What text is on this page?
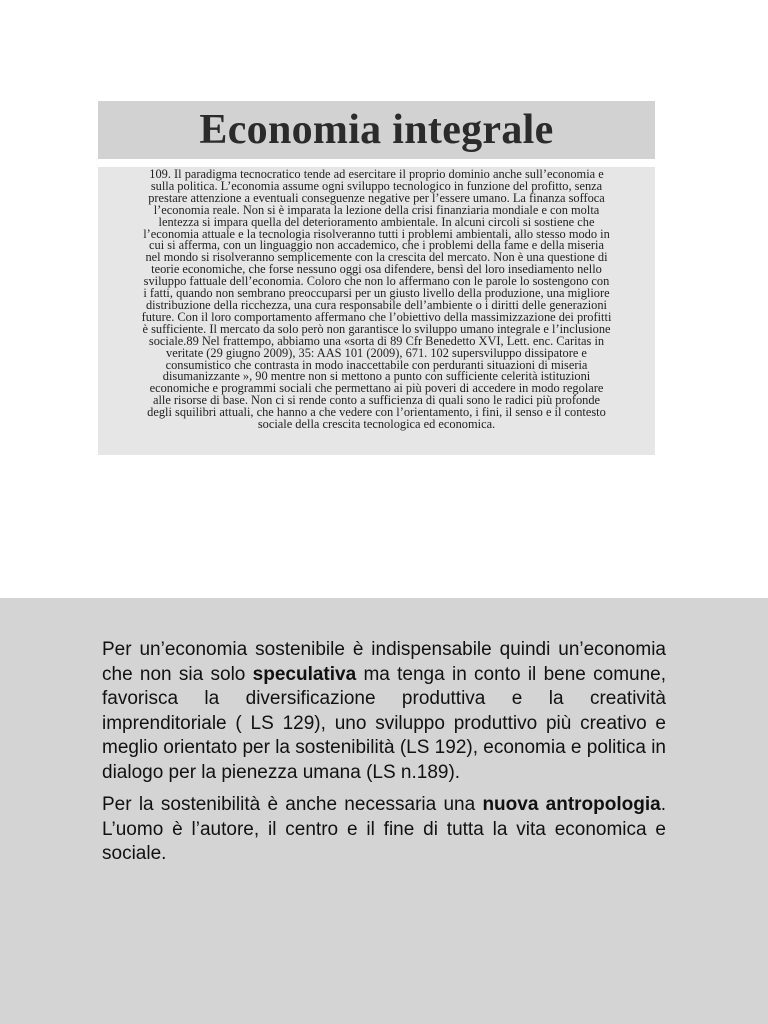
Economia integrale

109. Il paradigma tecnocratico tende ad esercitare il proprio dominio anche sull’economia e
sulla politica. L’economia assume ogni sviluppo tecnologico in funzione del profitto, senza
prestare attenzione a eventuali conseguenze negative per l’essere umano. La finanza soffoca
l’economia reale. Non si è imparata la lezione della crisi finanziaria mondiale e con molta
lentezza si impara quella del deterioramento ambientale. In alcuni circoli si sostiene che
l’economia attuale e la tecnologia risolveranno tutti i problemi ambientali, allo stesso modo in
cui si afferma, con un linguaggio non accademico, che i problemi della fame e della miseria
nel mondo si risolveranno semplicemente con la crescita del mercato. Non è una questione di
teorie economiche, che forse nessuno oggi osa difendere, bensì del loro insediamento nello
sviluppo fattuale dell’economia. Coloro che non lo affermano con le parole lo sostengono con
i fatti, quando non sembrano preoccuparsi per un giusto livello della produzione, una migliore
distribuzione della ricchezza, una cura responsabile dell’ambiente o i diritti delle generazioni
future. Con il loro comportamento affermano che l’obiettivo della massimizzazione dei profitti
è sufficiente. Il mercato da solo però non garantisce lo sviluppo umano integrale e l’inclusione
sociale.89 Nel frattempo, abbiamo una «sorta di 89 Cfr Benedetto XVI, Lett. enc. Caritas in
veritate (29 giugno 2009), 35: AAS 101 (2009), 671. 102 supersviluppo dissipatore e
consumistico che contrasta in modo inaccettabile con perduranti situazioni di miseria
disumanizzante », 90 mentre non si mettono a punto con sufficiente celerità istituzioni
economiche e programmi sociali che permettano ai più poveri di accedere in modo regolare
alle risorse di base. Non ci si rende conto a sufficienza di quali sono le radici più profonde
degli squilibri attuali, che hanno a che vedere con l’orientamento, i fini, il senso e il contesto
sociale della crescita tecnologica ed economica.

Per un’economia sostenibile è indispensabile quindi un’economia che non sia solo speculativa ma tenga in conto il bene comune, favorisca la diversificazione produttiva e la creatività imprenditoriale ( LS 129), uno sviluppo produttivo più creativo e meglio orientato per la sostenibilità (LS 192), economia e politica in dialogo per la pienezza umana (LS n.189).

Per la sostenibilità è anche necessaria una nuova antropologia. L’uomo è l’autore, il centro e il fine di tutta la vita economica e sociale.
